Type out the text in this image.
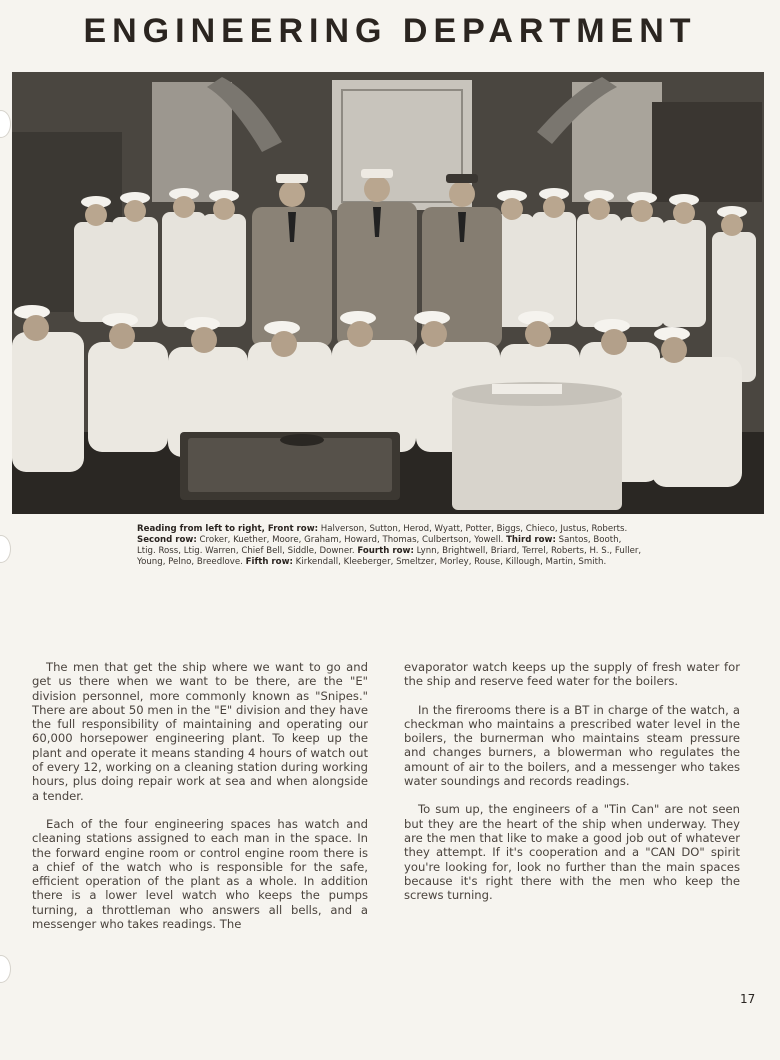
ENGINEERING DEPARTMENT

Reading from left to right, Front row: Halverson, Sutton, Herod, Wyatt, Potter, Biggs, Chieco, Justus, Roberts. Second row: Croker, Kuether, Moore, Graham, Howard, Thomas, Culbertson, Yowell. Third row: Santos, Booth, Ltig. Ross, Ltig. Warren, Chief Bell, Siddle, Downer. Fourth row: Lynn, Brightwell, Briard, Terrel, Roberts, H. S., Fuller, Young, Pelno, Breedlove. Fifth row: Kirkendall, Kleeberger, Smeltzer, Morley, Rouse, Killough, Martin, Smith.

The men that get the ship where we want to go and get us there when we want to be there, are the "E" division personnel, more commonly known as "Snipes." There are about 50 men in the "E" division and they have the full responsibility of maintaining and operating our 60,000 horsepower engineering plant. To keep up the plant and operate it means standing 4 hours of watch out of every 12, working on a cleaning station during working hours, plus doing repair work at sea and when alongside a tender.

Each of the four engineering spaces has watch and cleaning stations assigned to each man in the space. In the forward engine room or control engine room there is a chief of the watch who is responsible for the safe, efficient operation of the plant as a whole. In addition there is a lower level watch who keeps the pumps turning, a throttleman who answers all bells, and a messenger who takes readings. The

evaporator watch keeps up the supply of fresh water for the ship and reserve feed water for the boilers.

In the firerooms there is a BT in charge of the watch, a checkman who maintains a prescribed water level in the boilers, the burnerman who maintains steam pressure and changes burners, a blowerman who regulates the amount of air to the boilers, and a messenger who takes water soundings and records readings.

To sum up, the engineers of a "Tin Can" are not seen but they are the heart of the ship when underway. They are the men that like to make a good job out of whatever they attempt. If it's cooperation and a "CAN DO" spirit you're looking for, look no further than the main spaces because it's right there with the men who keep the screws turning.

17
